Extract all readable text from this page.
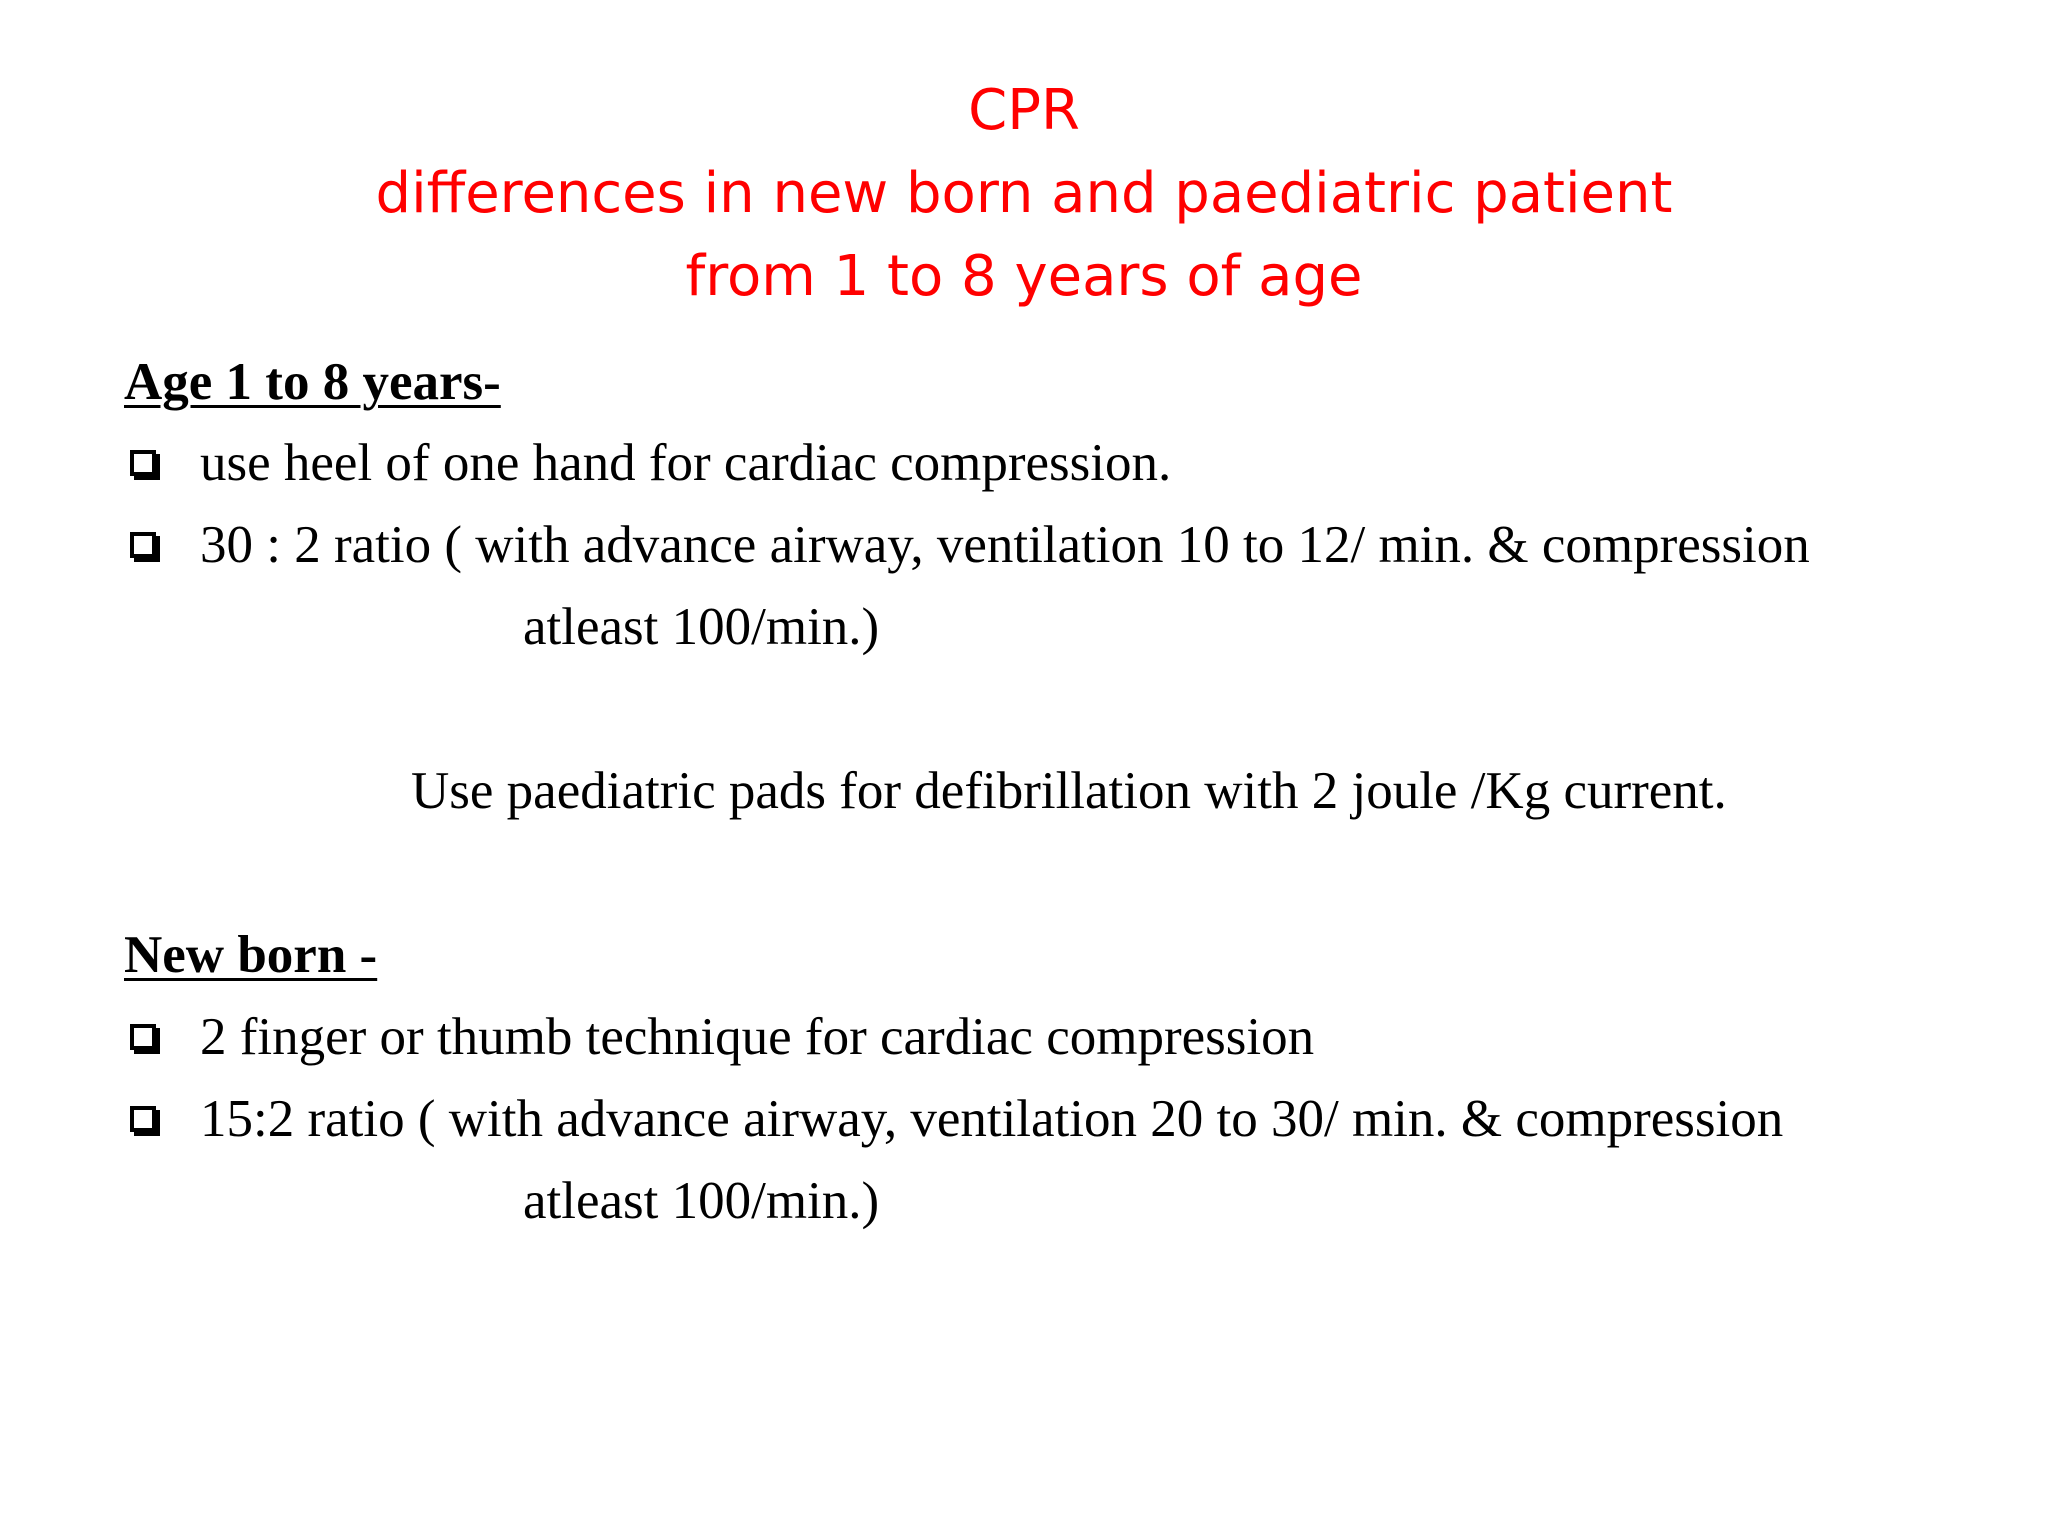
CPR
differences in new born and paediatric patient
from 1 to 8 years of age
Age 1 to 8 years-
use heel of one hand for cardiac compression.
30 : 2 ratio ( with advance airway, ventilation 10 to 12/ min. & compression
atleast 100/min.)
Use paediatric pads for defibrillation with 2 joule /Kg current.
New born -
2 finger or thumb technique for cardiac compression
15:2 ratio ( with advance airway, ventilation 20 to 30/ min. & compression
atleast 100/min.)
